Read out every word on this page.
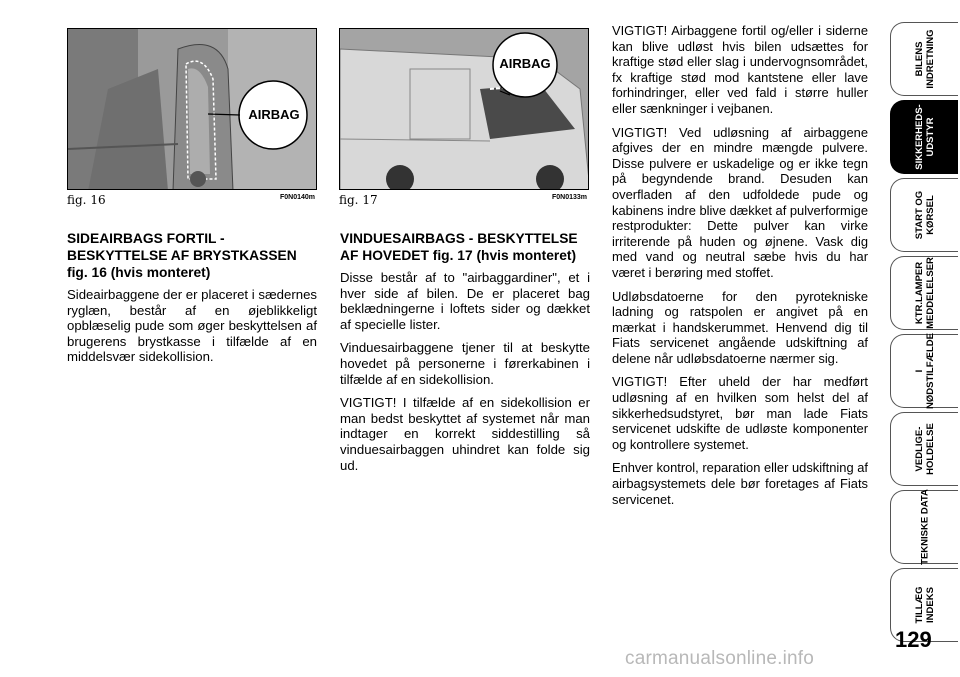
AIRBAG
fig. 16	F0N0140m
AIRBAG
fig. 17	F0N0133m
SIDEAIRBAGS FORTIL - BESKYTTELSE AF BRYSTKASSEN fig. 16 (hvis monteret)

Sideairbaggene der er placeret i sædernes ryglæn, består af en øjeblikkeligt opblæselig pude som øger beskyttelsen af brugerens brystkasse i tilfælde af en middelsvær sidekollision.

VINDUESAIRBAGS - BESKYTTELSE AF HOVEDET fig. 17 (hvis monteret)

Disse består af to "airbaggardiner", et i hver side af bilen. De er placeret bag beklædningerne i loftets sider og dækket af specielle lister.

Vinduesairbaggene tjener til at beskytte hovedet på personerne i førerkabinen i tilfælde af en sidekollision.

VIGTIGT! I tilfælde af en sidekollision er man bedst beskyttet af systemet når man indtager en korrekt siddestilling så vinduesairbaggen uhindret kan folde sig ud.

VIGTIGT! Airbaggene fortil og/eller i siderne kan blive udløst hvis bilen udsættes for kraftige stød eller slag i undervognsområdet, fx kraftige stød mod kantstene eller lave forhindringer, eller ved fald i større huller eller sænkninger i vejbanen.

VIGTIGT! Ved udløsning af airbaggene afgives der en mindre mængde pulvere. Disse pulvere er uskadelige og er ikke tegn på begyndende brand. Desuden kan overfladen af den udfoldede pude og kabinens indre blive dækket af pulverformige restprodukter: Dette pulver kan virke irriterende på huden og øjnene. Vask dig med vand og neutral sæbe hvis du har været i berøring med stoffet.

Udløbsdatoerne for den pyrotekniske ladning og ratspolen er angivet på en mærkat i handskerummet. Henvend dig til Fiats servicenet angående udskiftning af delene når udløbsdatoerne nærmer sig.

VIGTIGT! Efter uheld der har medført udløsning af en hvilken som helst del af sikkerhedsudstyret, bør man lade Fiats servicenet udskifte de udløste komponenter og kontrollere systemet.

Enhver kontrol, reparation eller udskiftning af airbagsystemets dele bør foretages af Fiats servicenet.

BILENS
INDRETNING
SIKKERHEDS-
UDSTYR
START OG
KØRSEL
KTR.LAMPER
MEDDELELSER
I
NØDSTILFÆLDE
VEDLIGE-
HOLDELSE
TEKNISKE DATA
TILLÆG
INDEKS
129
carmanualsonline.info
